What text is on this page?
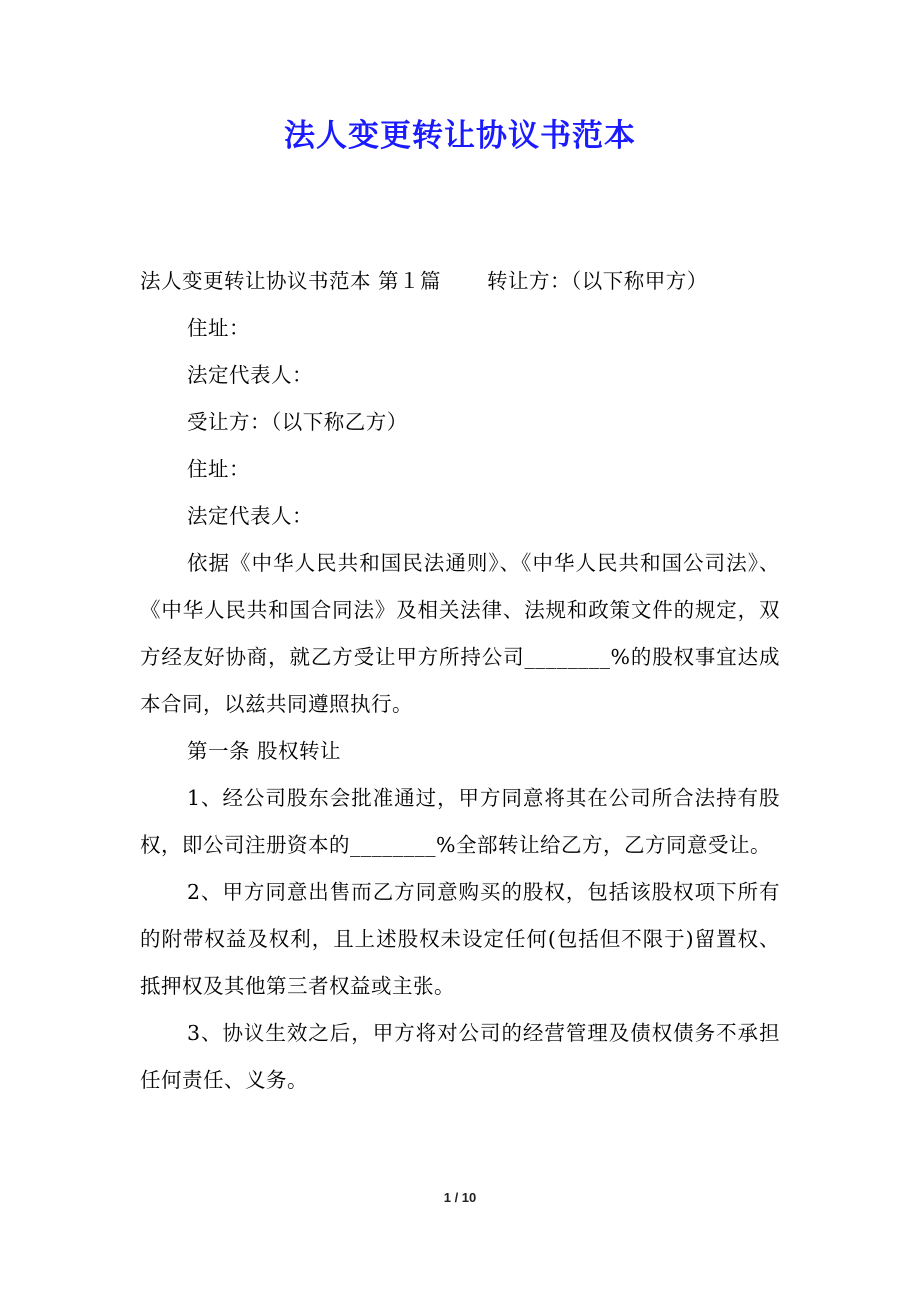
法人变更转让协议书范本

法人变更转让协议书范本 第１篇 转让方：（以下称甲方）

住址：

法定代表人：

受让方：（以下称乙方）

住址：

法定代表人：

依据《中华人民共和国民法通则》、《中华人民共和国公司法》、《中华人民共和国合同法》及相关法律、法规和政策文件的规定，双方经友好协商，就乙方受让甲方所持公司________%的股权事宜达成本合同，以兹共同遵照执行。

第一条 股权转让

1、经公司股东会批准通过，甲方同意将其在公司所合法持有股权，即公司注册资本的________%全部转让给乙方，乙方同意受让。

2、甲方同意出售而乙方同意购买的股权，包括该股权项下所有的附带权益及权利，且上述股权未设定任何(包括但不限于)留置权、抵押权及其他第三者权益或主张。

3、协议生效之后，甲方将对公司的经营管理及债权债务不承担任何责任、义务。

1 / 10
